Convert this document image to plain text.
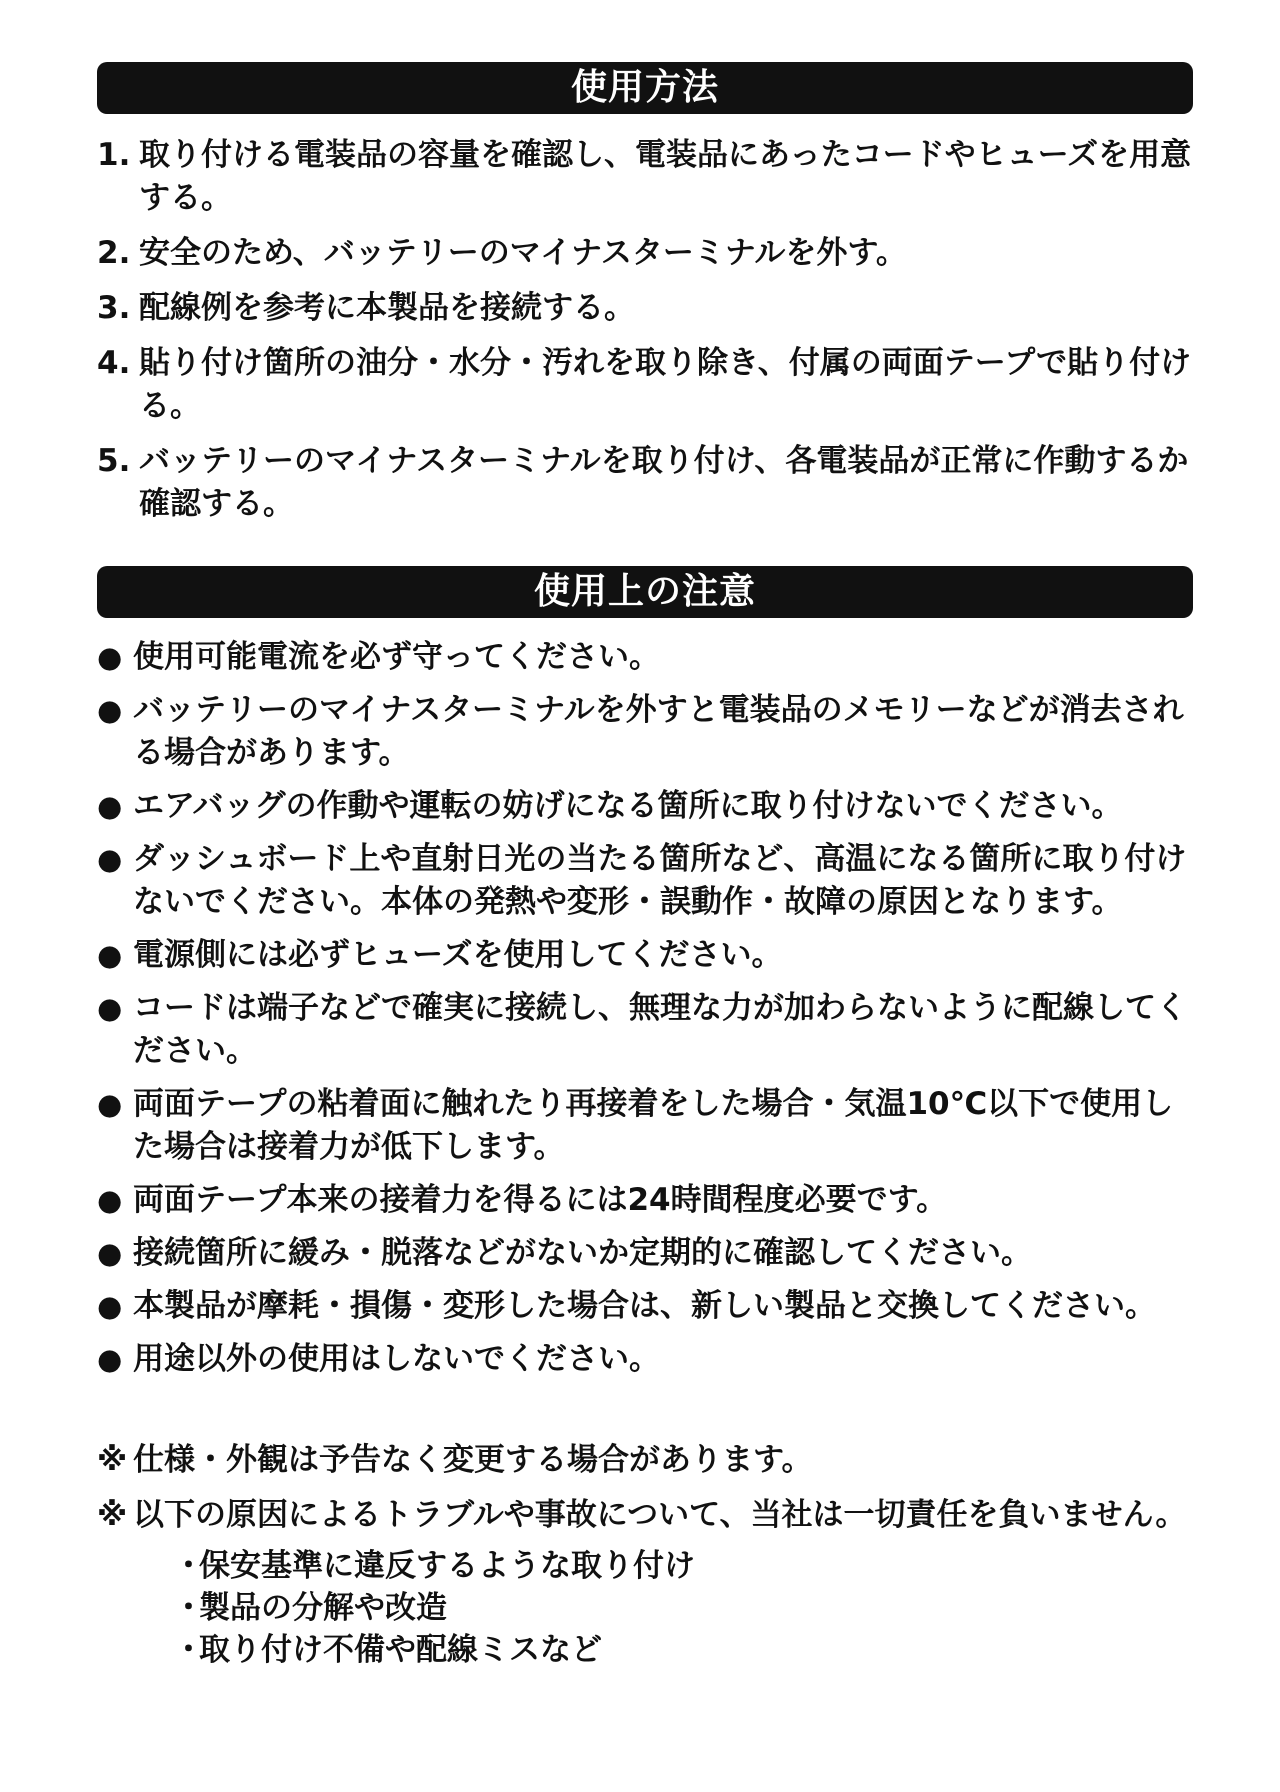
使用方法
1. 取り付ける電装品の容量を確認し、電装品にあったコードやヒューズを用意する。
2. 安全のため、バッテリーのマイナスターミナルを外す。
3. 配線例を参考に本製品を接続する。
4. 貼り付け箇所の油分・水分・汚れを取り除き、付属の両面テープで貼り付ける。
5. バッテリーのマイナスターミナルを取り付け、各電装品が正常に作動するか確認する。
使用上の注意
● 使用可能電流を必ず守ってください。
● バッテリーのマイナスターミナルを外すと電装品のメモリーなどが消去される場合があります。
● エアバッグの作動や運転の妨げになる箇所に取り付けないでください。
● ダッシュボード上や直射日光の当たる箇所など、高温になる箇所に取り付けないでください。本体の発熱や変形・誤動作・故障の原因となります。
● 電源側には必ずヒューズを使用してください。
● コードは端子などで確実に接続し、無理な力が加わらないように配線してください。
● 両面テープの粘着面に触れたり再接着をした場合・気温10℃以下で使用した場合は接着力が低下します。
● 両面テープ本来の接着力を得るには24時間程度必要です。
● 接続箇所に緩み・脱落などがないか定期的に確認してください。
● 本製品が摩耗・損傷・変形した場合は、新しい製品と交換してください。
● 用途以外の使用はしないでください。
※ 仕様・外観は予告なく変更する場合があります。
※ 以下の原因によるトラブルや事故について、当社は一切責任を負いません。
・
保安基準に違反するような取り付け
・
製品の分解や改造
・
取り付け不備や配線ミスなど
